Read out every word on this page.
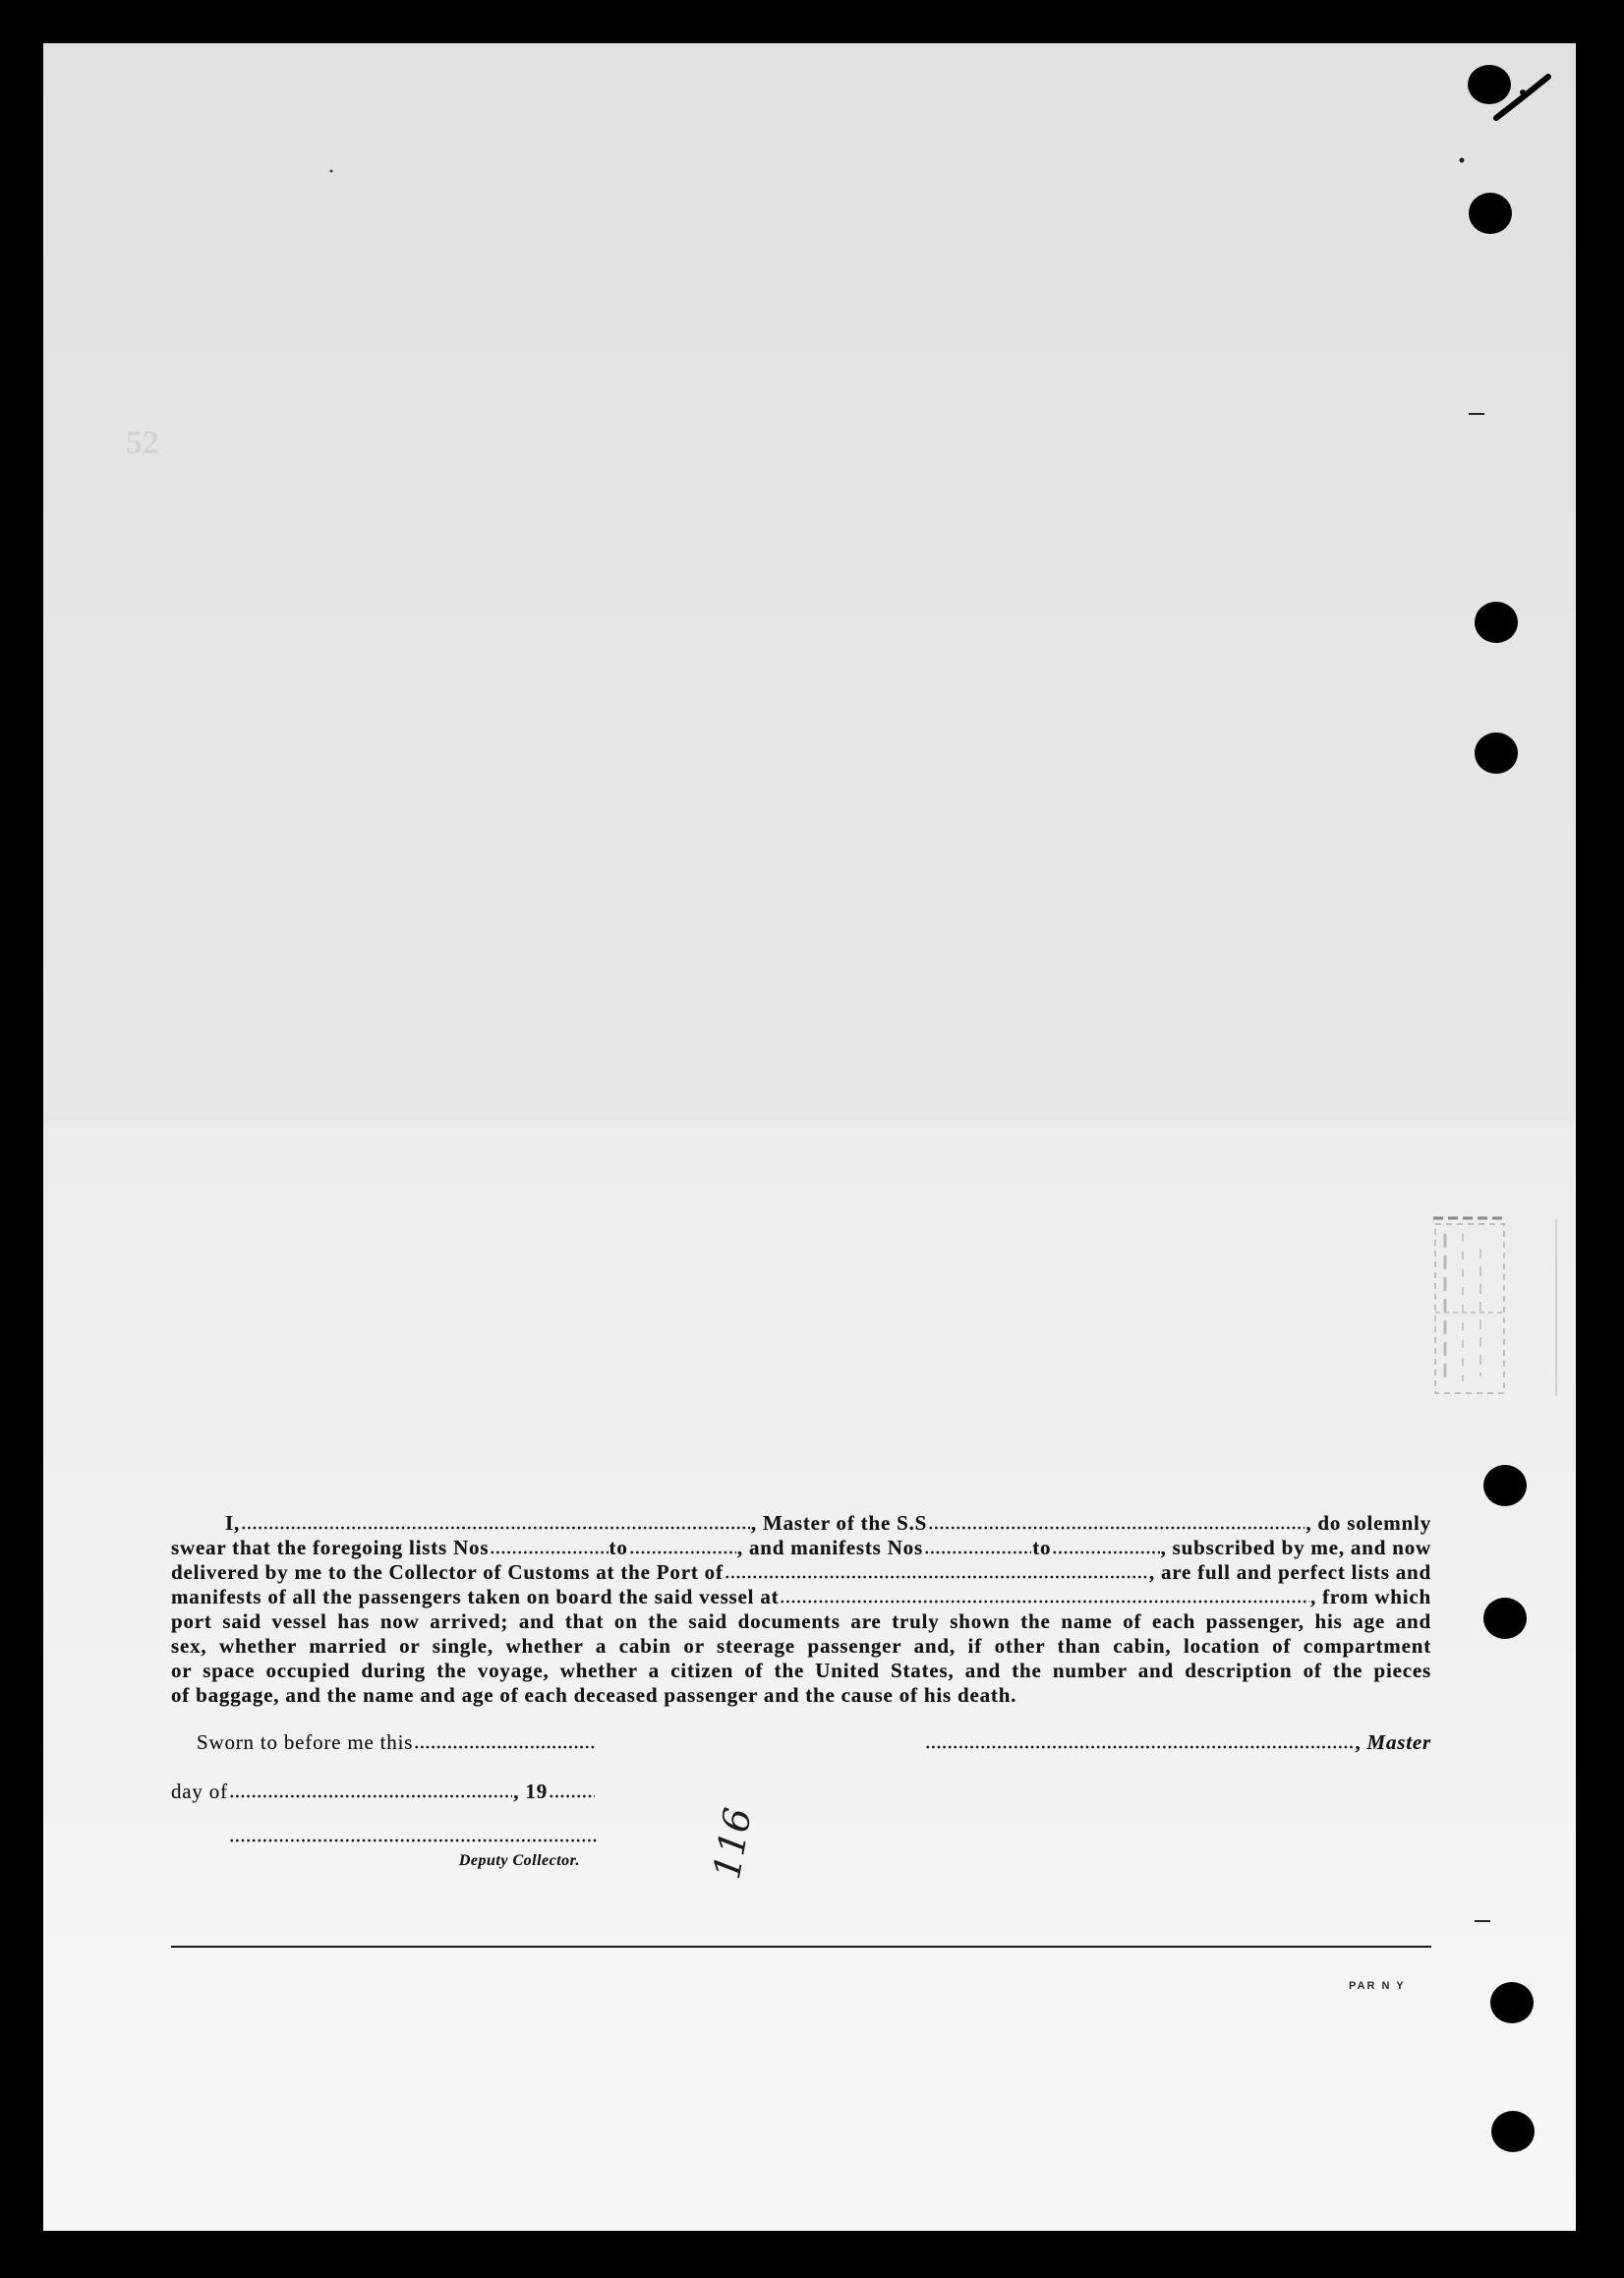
52
I,	, Master of the S.S	, do solemnly
swear that the foregoing lists Nos	to	, and manifests Nos	to	, subscribed by me, and now
delivered by me to the Collector of Customs at the Port of	, are full and perfect lists and
manifests of all the passengers taken on board the said vessel at	, from which
port said vessel has now arrived; and that on the said documents are truly shown the name of each passenger, his age and
sex, whether married or single, whether a cabin or steerage passenger and, if other than cabin, location of compartment
or space occupied during the voyage, whether a citizen of the United States, and the number and description of the pieces
of baggage, and the name and age of each deceased passenger and the cause of his death.
Sworn to before me this	, Master
day of	, 19
Deputy Collector.	116
PAR N Y
